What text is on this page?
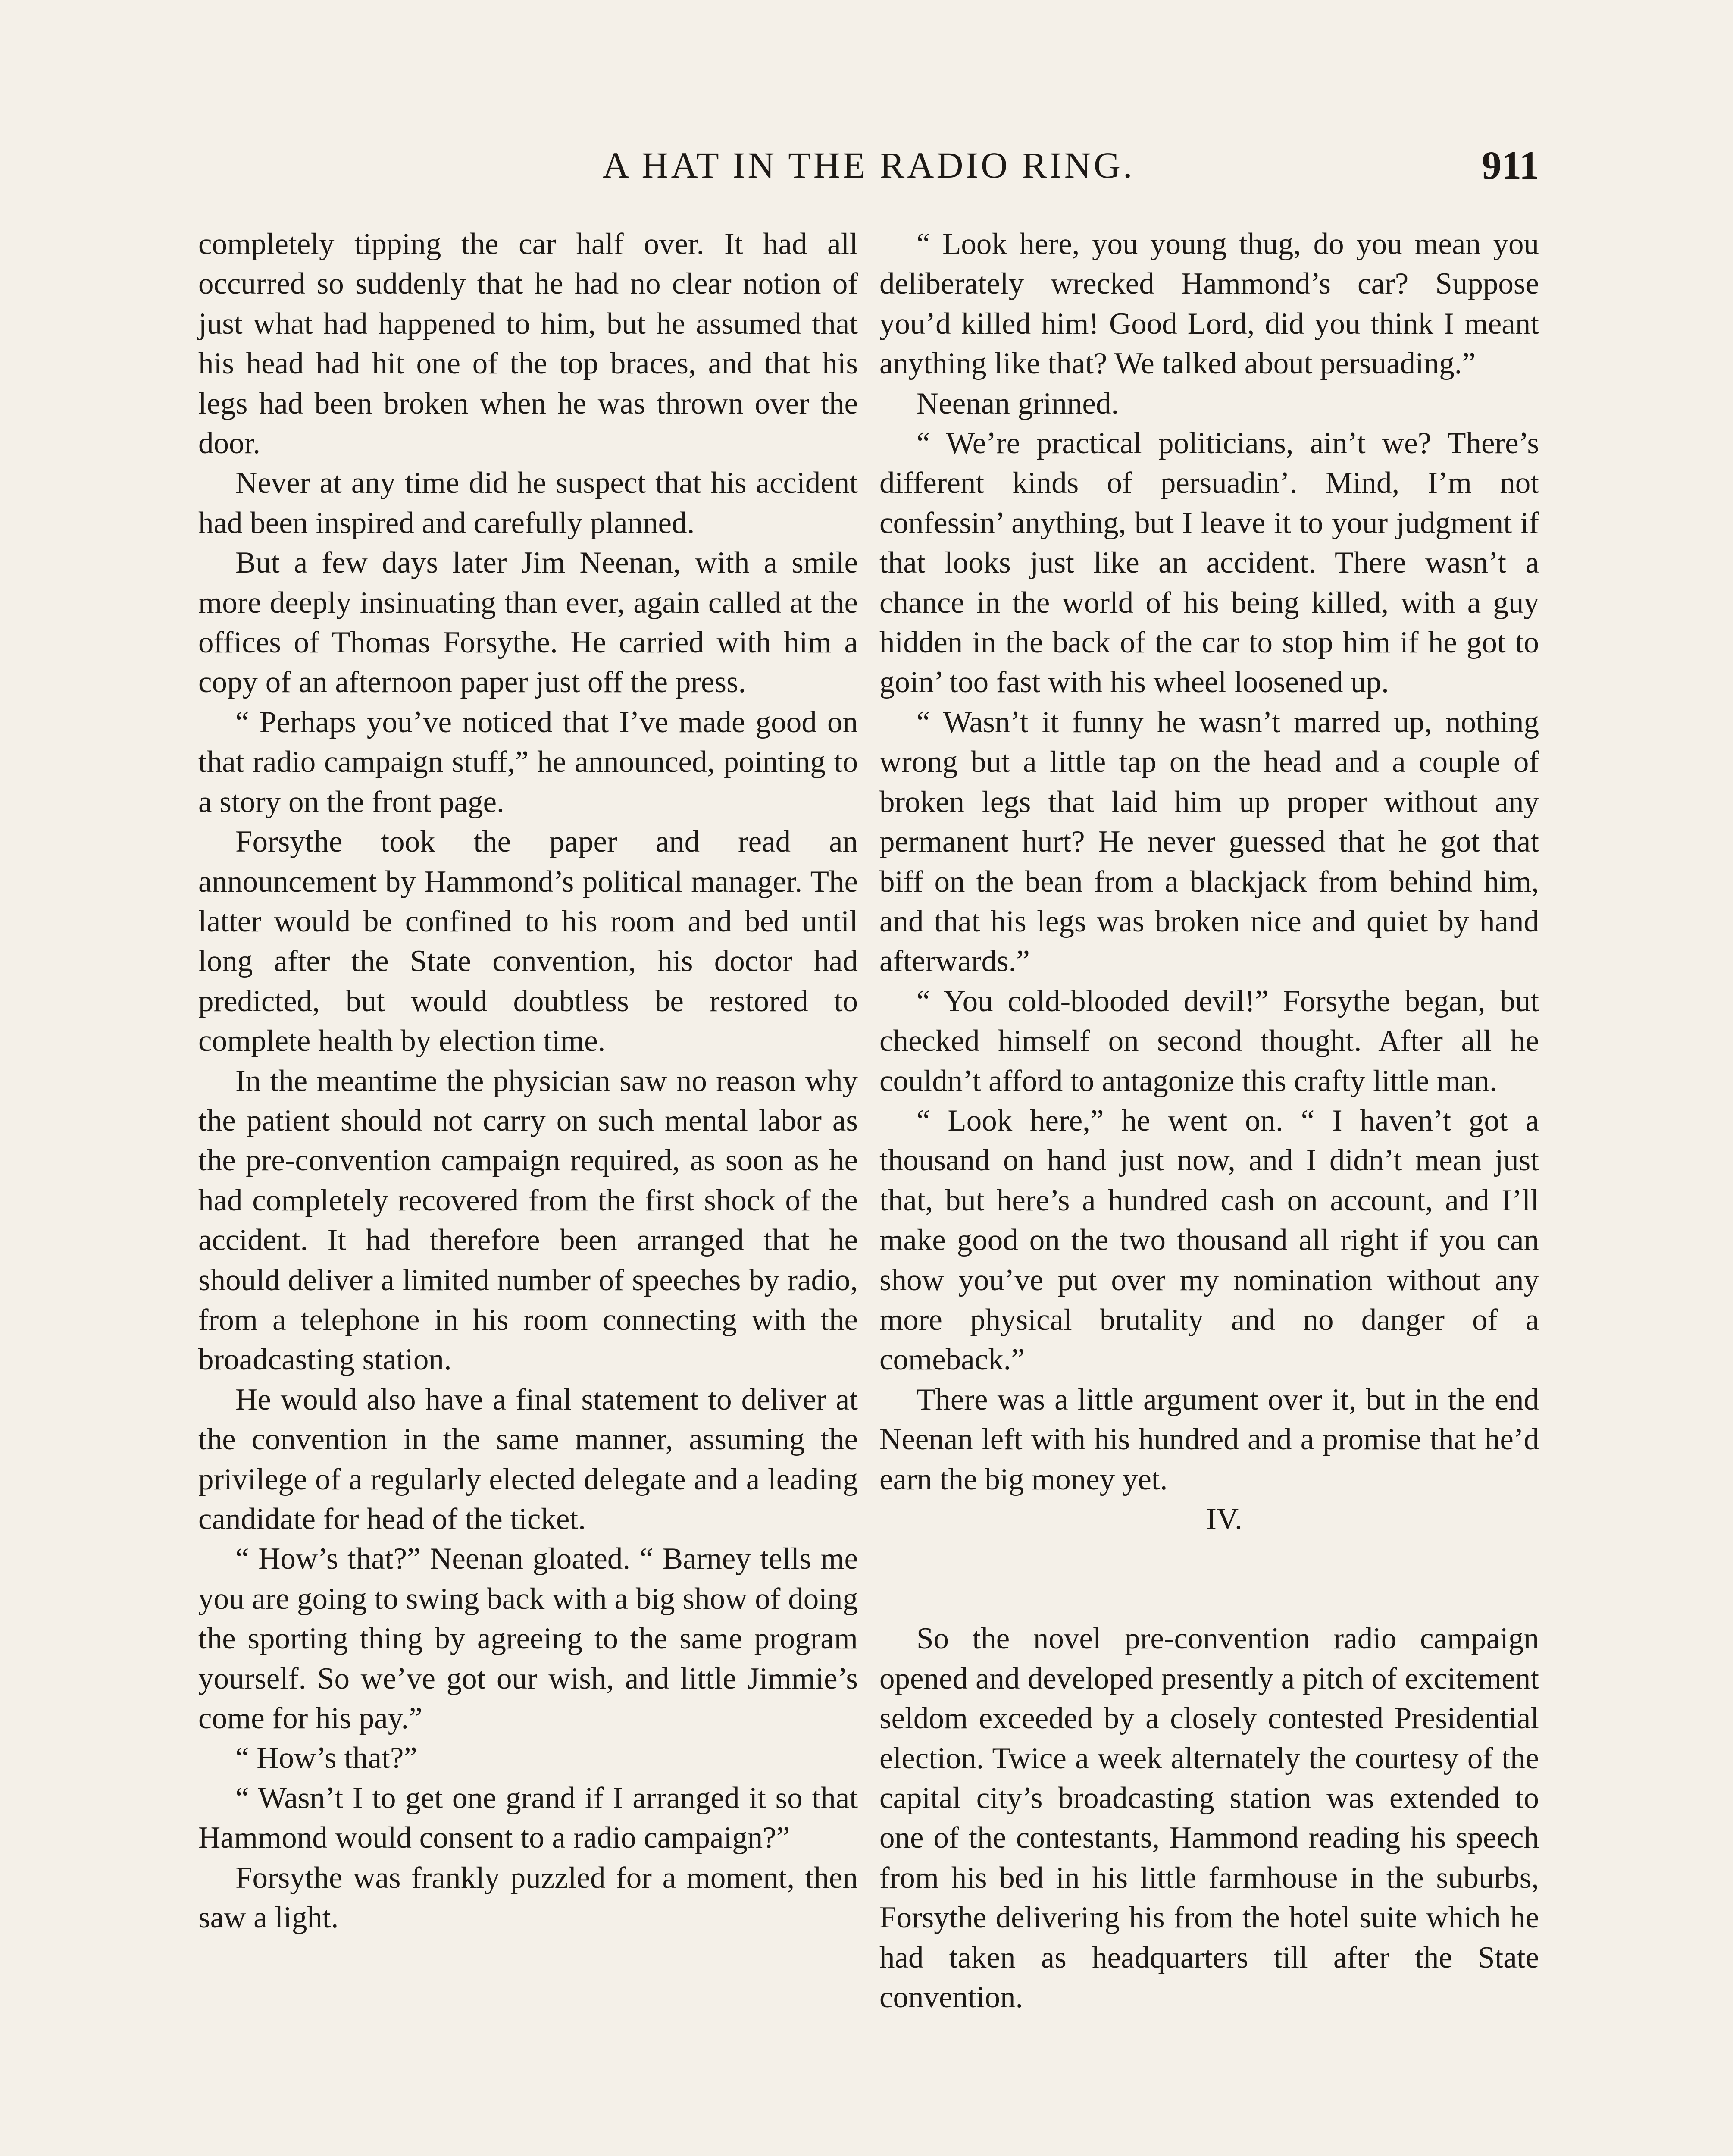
A HAT IN THE RADIO RING.	911

completely tipping the car half over. It had all occurred so suddenly that he had no clear notion of just what had happened to him, but he assumed that his head had hit one of the top braces, and that his legs had been broken when he was thrown over the door.

Never at any time did he suspect that his accident had been inspired and carefully planned.

But a few days later Jim Neenan, with a smile more deeply insinuating than ever, again called at the offices of Thomas Forsythe. He carried with him a copy of an afternoon paper just off the press.

“ Perhaps you’ve noticed that I’ve made good on that radio campaign stuff,” he announced, pointing to a story on the front page.

Forsythe took the paper and read an announcement by Hammond’s political manager. The latter would be confined to his room and bed until long after the State convention, his doctor had predicted, but would doubtless be restored to complete health by election time.

In the meantime the physician saw no reason why the patient should not carry on such mental labor as the pre-convention campaign required, as soon as he had completely recovered from the first shock of the accident. It had therefore been arranged that he should deliver a limited number of speeches by radio, from a telephone in his room connecting with the broadcasting station.

He would also have a final statement to deliver at the convention in the same manner, assuming the privilege of a regularly elected delegate and a leading candidate for head of the ticket.

“ How’s that?” Neenan gloated. “ Barney tells me you are going to swing back with a big show of doing the sporting thing by agreeing to the same program yourself. So we’ve got our wish, and little Jimmie’s come for his pay.”

“ How’s that?”

“ Wasn’t I to get one grand if I arranged it so that Hammond would consent to a radio campaign?”

Forsythe was frankly puzzled for a moment, then saw a light.

“ Look here, you young thug, do you mean you deliberately wrecked Hammond’s car? Suppose you’d killed him! Good Lord, did you think I meant anything like that? We talked about persuading.”

Neenan grinned.

“ We’re practical politicians, ain’t we? There’s different kinds of persuadin’. Mind, I’m not confessin’ anything, but I leave it to your judgment if that looks just like an accident. There wasn’t a chance in the world of his being killed, with a guy hidden in the back of the car to stop him if he got to goin’ too fast with his wheel loosened up.

“ Wasn’t it funny he wasn’t marred up, nothing wrong but a little tap on the head and a couple of broken legs that laid him up proper without any permanent hurt? He never guessed that he got that biff on the bean from a blackjack from behind him, and that his legs was broken nice and quiet by hand afterwards.”

“ You cold-blooded devil!” Forsythe began, but checked himself on second thought. After all he couldn’t afford to antagonize this crafty little man.

“ Look here,” he went on. “ I haven’t got a thousand on hand just now, and I didn’t mean just that, but here’s a hundred cash on account, and I’ll make good on the two thousand all right if you can show you’ve put over my nomination without any more physical brutality and no danger of a comeback.”

There was a little argument over it, but in the end Neenan left with his hundred and a promise that he’d earn the big money yet.

IV.

So the novel pre-convention radio campaign opened and developed presently a pitch of excitement seldom exceeded by a closely contested Presidential election. Twice a week alternately the courtesy of the capital city’s broadcasting station was extended to one of the contestants, Hammond reading his speech from his bed in his little farmhouse in the suburbs, Forsythe delivering his from the hotel suite which he had taken as headquarters till after the State convention.
